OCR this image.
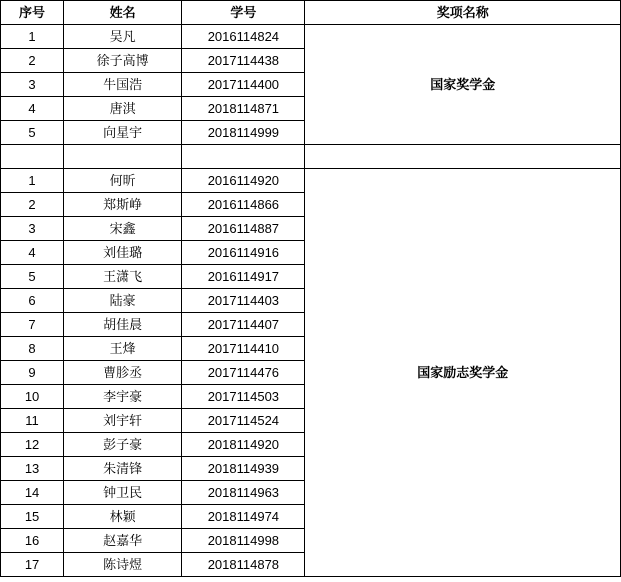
序号	姓名	学号	奖项名称
1	吴凡	2016114824	国家奖学金
2	徐子高博	2017114438	
3	牛国浩	2017114400	
4	唐淇	2018114871	
5	向星宇	2018114999	

1	何昕	2016114920	国家励志奖学金
2	郑斯峥	2016114866	
3	宋鑫	2016114887	
4	刘佳璐	2016114916	
5	王潇飞	2016114917	
6	陆豪	2017114403	
7	胡佳晨	2017114407	
8	王烽	2017114410	
9	曹胗丞	2017114476	
10	李宇豪	2017114503	
11	刘宇轩	2017114524	
12	彭子豪	2018114920	
13	朱清锋	2018114939	
14	钟卫民	2018114963	
15	林颖	2018114974	
16	赵嘉华	2018114998	
17	陈诗煜	2018114878	
